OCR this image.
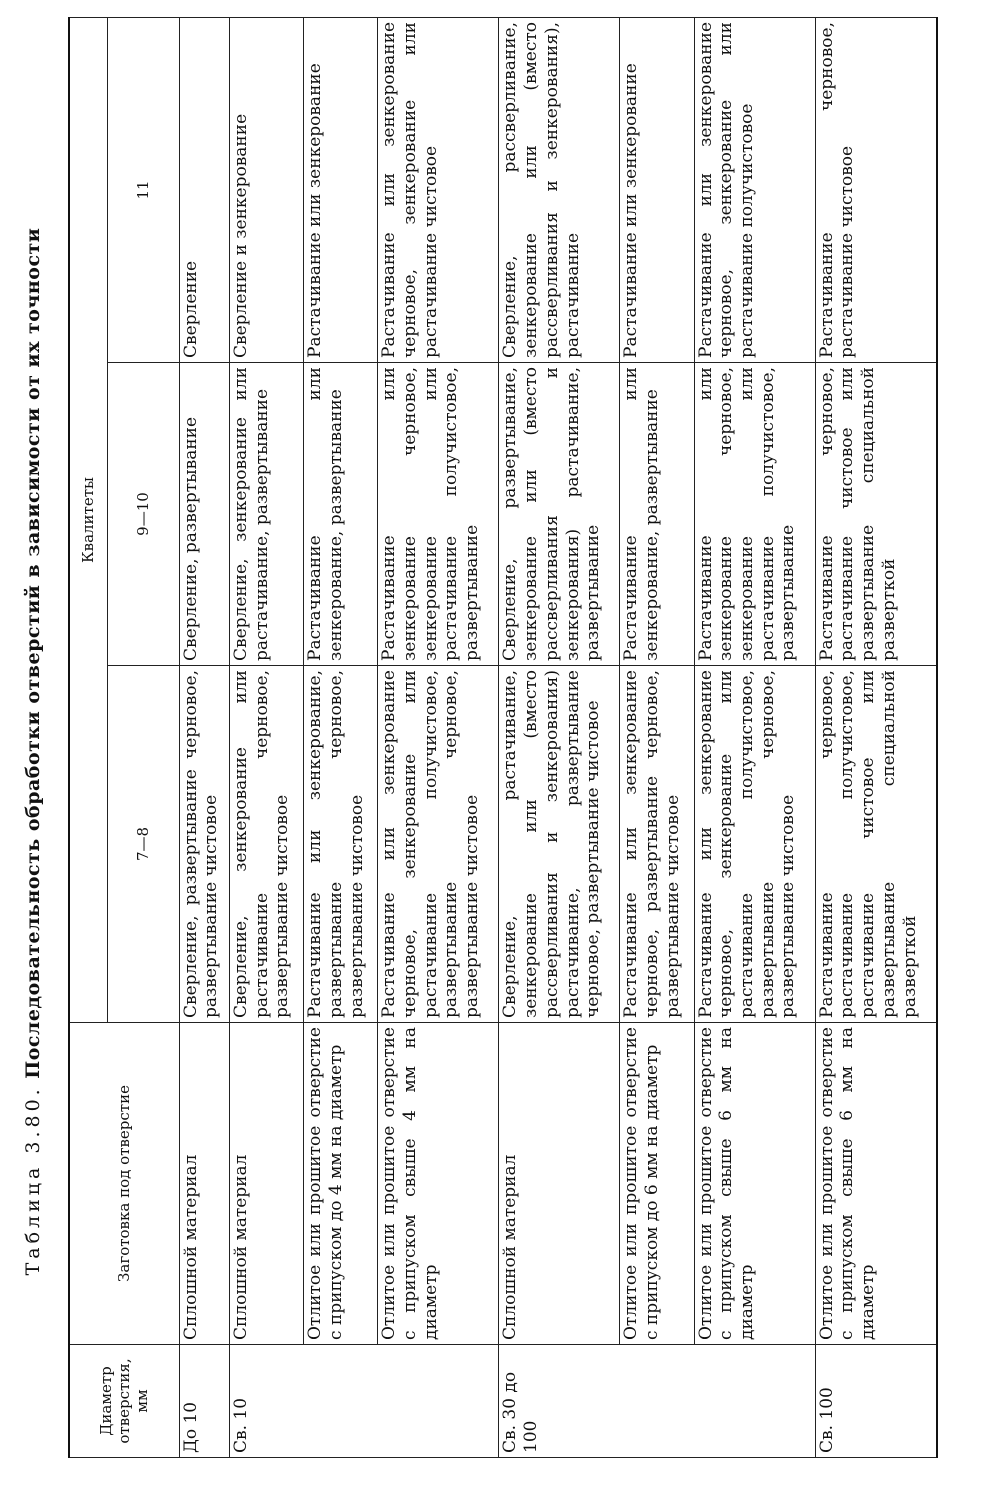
Таблица 3.80. Последовательность обработки отверстий в зависимости от их точности
Диаметр отверстия, мм	Заготовка под отверстие	Квалитеты		
		7—8	9—10	11
До 10	Сплошной материал	Сверление, развертывание черновое, развертывание чистовое	Сверление, развертывание	Сверление
Св. 10	Сплошной материал	Сверление, зенкерование или растачивание черновое, развертывание чистовое	Сверление, зенкерование или растачивание, развертывание	Сверление и зенкерование
	Отлитое или прошитое отверстие с припуском до 4 мм на диаметр	Растачивание или зенкерование, развертывание черновое, развертывание чистовое	Растачивание или зенкерование, развертывание	Растачивание или зенкерование
	Отлитое или прошитое отверстие с припуском свыше 4 мм на диаметр	Растачивание или зенкерование черновое, зенкерование или растачивание получистовое, развертывание черновое, развертывание чистовое	Растачивание или зенкерование черновое, зенкерование или растачивание получистовое, развертывание	Растачивание или зенкерование черновое, зенкерование или растачивание чистовое
Св. 30 до 100	Сплошной материал	Сверление, растачивание, зенкерование или (вместо рассверливания и зенкерования) растачивание, развертывание черновое, развертывание чистовое	Сверление, развертывание, зенкерование или (вместо рассверливания и зенкерования) растачивание, развертывание	Сверление, рассверливание, зенкерование или (вместо рассверливания и зенкерования), растачивание
	Отлитое или прошитое отверстие с припуском до 6 мм на диаметр	Растачивание или зенкерование черновое, развертывание черновое, развертывание чистовое	Растачивание или зенкерование, развертывание	Растачивание или зенкерование
	Отлитое или прошитое отверстие с припуском свыше 6 мм на диаметр	Растачивание или зенкерование черновое, зенкерование или растачивание получистовое, развертывание черновое, развертывание чистовое	Растачивание или зенкерование черновое, зенкерование или растачивание получистовое, развертывание	Растачивание или зенкерование черновое, зенкерование или растачивание получистовое
Св. 100	Отлитое или прошитое отверстие с припуском свыше 6 мм на диаметр	Растачивание черновое, растачивание получистовое, растачивание чистовое или развертывание специальной разверткой	Растачивание черновое, растачивание чистовое или развертывание специальной разверткой	Растачивание черновое, растачивание чистовое
